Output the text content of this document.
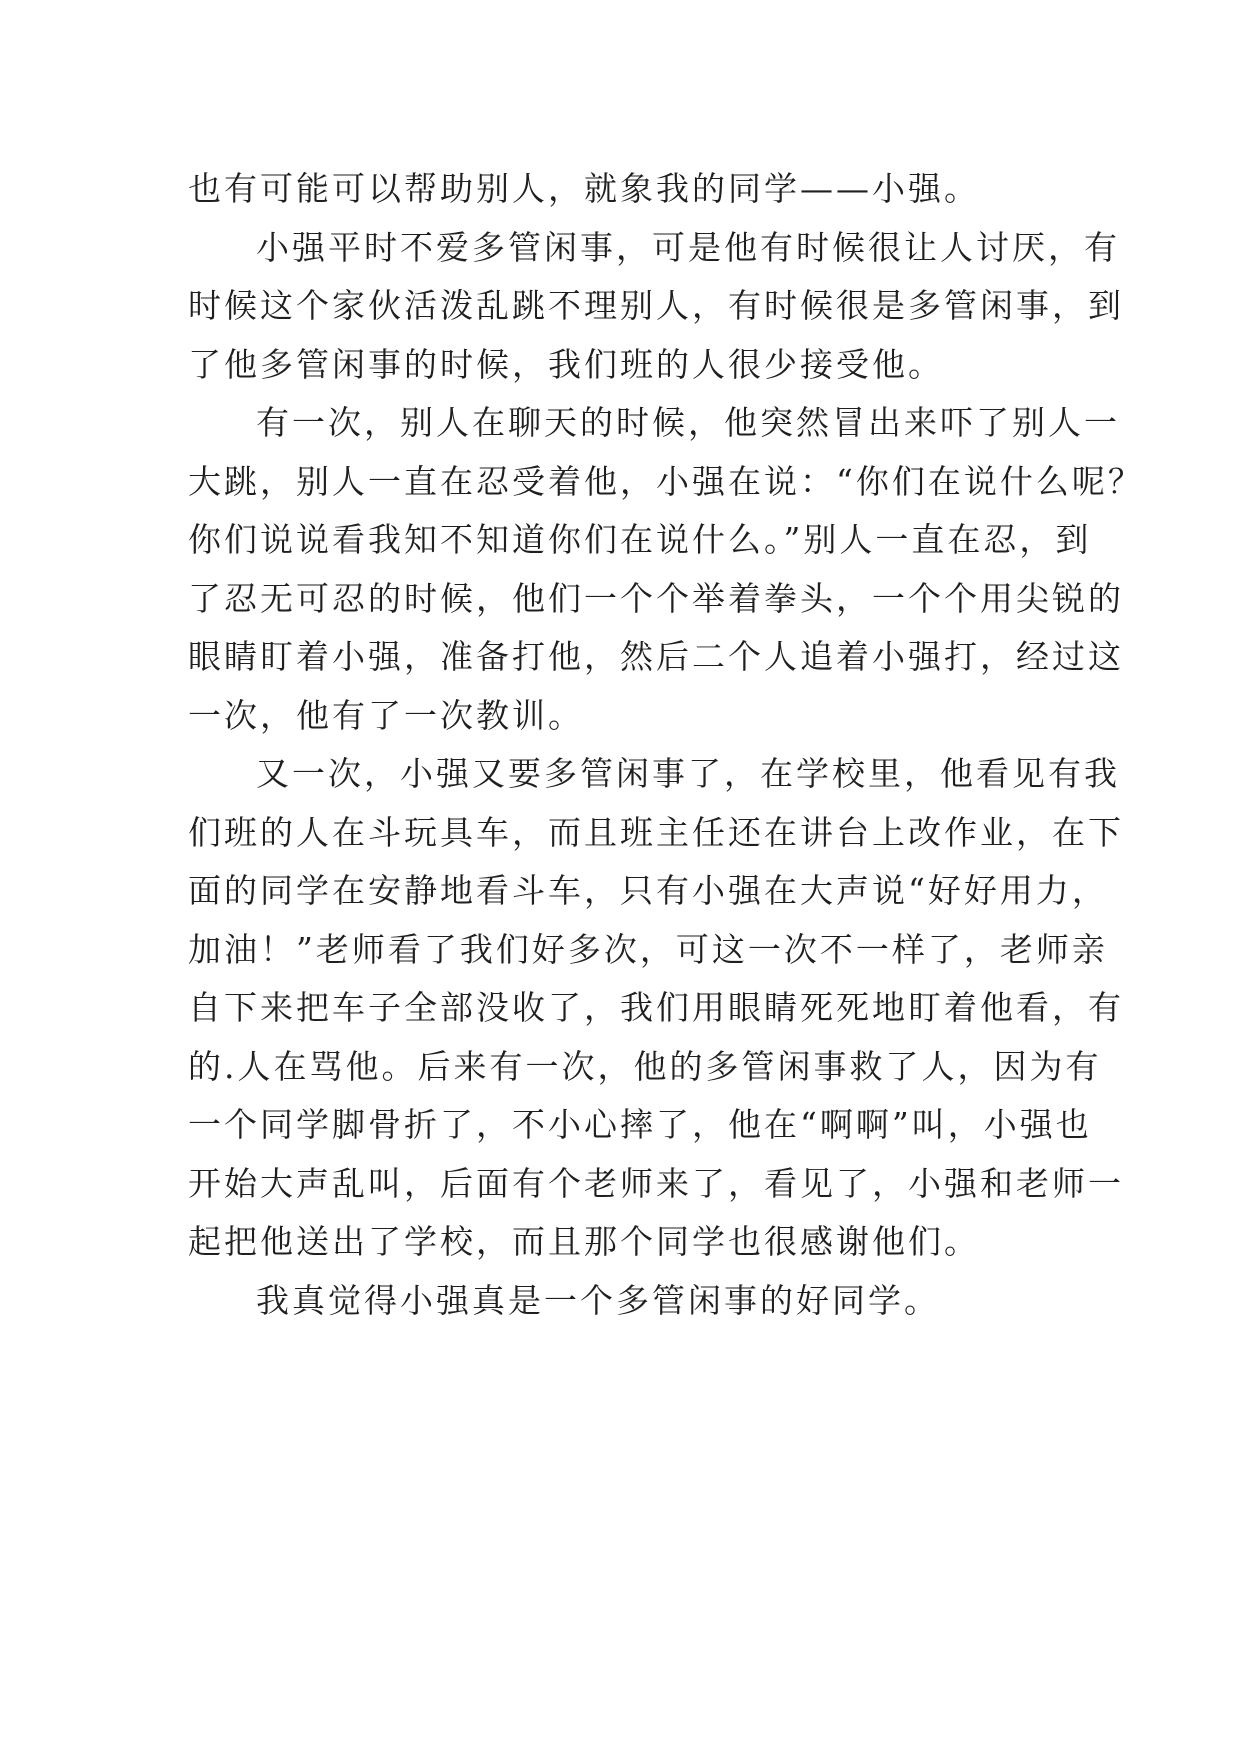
也有可能可以帮助别人，就象我的同学——小强。

小强平时不爱多管闲事，可是他有时候很让人讨厌，有
时候这个家伙活泼乱跳不理别人，有时候很是多管闲事，到
了他多管闲事的时候，我们班的人很少接受他。

有一次，别人在聊天的时候，他突然冒出来吓了别人一
大跳，别人一直在忍受着他，小强在说：“你们在说什么呢？
你们说说看我知不知道你们在说什么。”别人一直在忍，到
了忍无可忍的时候，他们一个个举着拳头，一个个用尖锐的
眼睛盯着小强，准备打他，然后二个人追着小强打，经过这
一次，他有了一次教训。

又一次，小强又要多管闲事了，在学校里，他看见有我
们班的人在斗玩具车，而且班主任还在讲台上改作业，在下
面的同学在安静地看斗车，只有小强在大声说“好好用力，
加油！”老师看了我们好多次，可这一次不一样了，老师亲
自下来把车子全部没收了，我们用眼睛死死地盯着他看，有
的.人在骂他。后来有一次，他的多管闲事救了人，因为有
一个同学脚骨折了，不小心摔了，他在“啊啊”叫，小强也
开始大声乱叫，后面有个老师来了，看见了，小强和老师一
起把他送出了学校，而且那个同学也很感谢他们。

我真觉得小强真是一个多管闲事的好同学。
